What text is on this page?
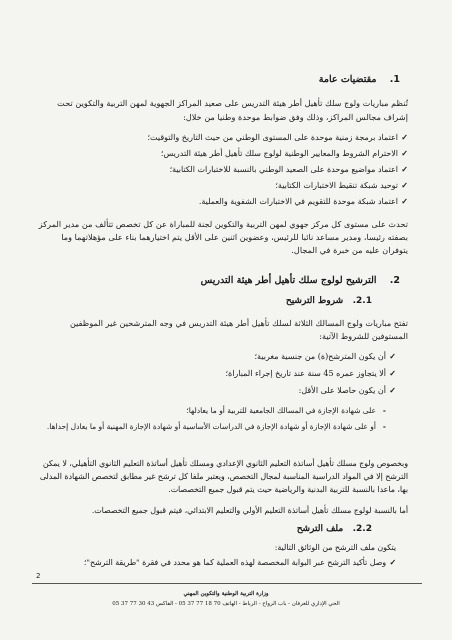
1.    مقتضيات عامة
تُنظم مباريات ولوج سلك تأهيل أطر هيئة التدريس على صعيد المراكز الجهوية لمهن التربية والتكوين تحت إشراف مجالس المراكز، وذلك وفق ضوابط موحدة وطنيا من خلال:
✓اعتماد برمجة زمنية موحدة على المستوى الوطني من حيث التاريخ والتوقيت؛
✓الاحترام الشروط والمعايير الوطنية لولوج سلك تأهيل أطر هيئة التدريس؛
✓اعتماد مواضيع موحدة على الصعيد الوطني بالنسبة للاختبارات الكتابية؛
✓توحيد شبكة تنقيط الاختبارات الكتابية؛
✓اعتماد شبكة موحدة للتقويم في الاختبارات الشفوية والعملية.
تحدث على مستوى كل مركز جهوي لمهن التربية والتكوين لجنة للمباراة عن كل تخصص تتألف من مدير المركز بصفته رئيسا، ومدير مساعد نائبا للرئيس، وعضوين اثنين على الأقل يتم اختيارهما بناء على مؤهلاتهما وما يتوفران عليه من خبرة في المجال.
2.    الترشيح لولوج سلك تأهيل أطر هيئة التدريس
2.1.   شروط الترشيح
تفتح مباريات ولوج المسالك الثلاثة لسلك تأهيل أطر هيئة التدريس في وجه المترشحين غير الموظفين المستوفين للشروط الآتية:
✓أن يكون المترشح(ة) من جنسية مغربية؛
✓ألا يتجاوز عمره 45 سنة عند تاريخ إجراء المباراة؛
✓أن يكون حاصلا على الأقل:
-على شهادة الإجازة في المسالك الجامعية للتربية أو ما يعادلها؛
-أو على شهادة الإجازة أو شهادة الإجازة في الدراسات الأساسية أو شهادة الإجازة المهنية أو ما يعادل إحداها.
وبخصوص ولوج مسلك تأهيل أساتذة التعليم الثانوي الإعدادي ومسلك تأهيل أساتذة التعليم الثانوي التأهيلي، لا يمكن الترشح إلا في المواد الدراسية المناسبة لمجال التخصص، ويعتبر ملفا كل ترشح غير مطابق لتخصص الشهادة المدلى بها، ماعدا بالنسبة للتربية البدنية والرياضية حيث يتم قبول جميع التخصصات.
أما بالنسبة لولوج مسلك تأهيل أساتذة التعليم الأولي والتعليم الابتدائي، فيتم قبول جميع التخصصات.
2.2.   ملف الترشح
يتكون ملف الترشح من الوثائق التالية:
✓وصل تأكيد الترشح عبر البوابة المخصصة لهذه العملية كما هو محدد في فقرة "طريقة الترشح"؛
2
وزارة التربية الوطنية والتكوين المهني
الحي الإداري للعرفان - باب الرواح - الرباط - الهاتف 70 18 77 37 05 - الفاكس 43 30 77 37 05
